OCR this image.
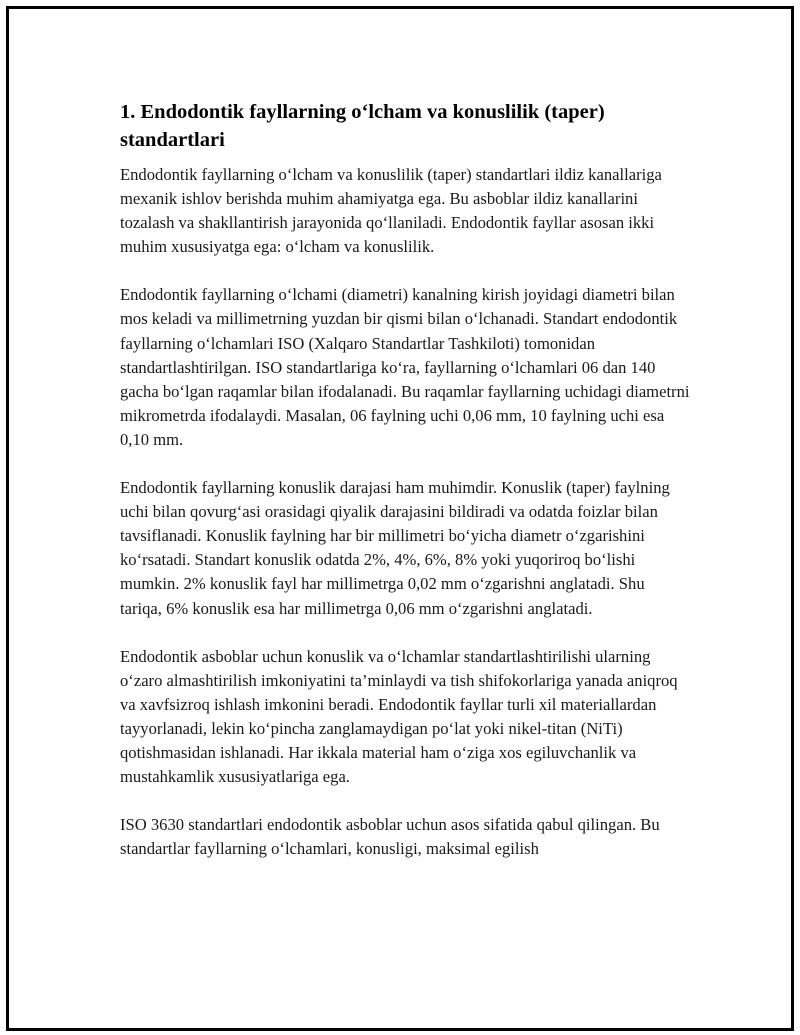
1. Endodontik fayllarning o‘lcham va konuslilik (taper) standartlari

Endodontik fayllarning o‘lcham va konuslilik (taper) standartlari ildiz kanallariga mexanik ishlov berishda muhim ahamiyatga ega. Bu asboblar ildiz kanallarini tozalash va shakllantirish jarayonida qo‘llaniladi. Endodontik fayllar asosan ikki muhim xususiyatga ega: o‘lcham va konuslilik.

Endodontik fayllarning o‘lchami (diametri) kanalning kirish joyidagi diametri bilan mos keladi va millimetrning yuzdan bir qismi bilan o‘lchanadi. Standart endodontik fayllarning o‘lchamlari ISO (Xalqaro Standartlar Tashkiloti) tomonidan standartlashtirilgan. ISO standartlariga ko‘ra, fayllarning o‘lchamlari 06 dan 140 gacha bo‘lgan raqamlar bilan ifodalanadi. Bu raqamlar fayllarning uchidagi diametrni mikrometrda ifodalaydi. Masalan, 06 faylning uchi 0,06 mm, 10 faylning uchi esa 0,10 mm.

Endodontik fayllarning konuslik darajasi ham muhimdir. Konuslik (taper) faylning uchi bilan qovurg‘asi orasidagi qiyalik darajasini bildiradi va odatda foizlar bilan tavsiflanadi. Konuslik faylning har bir millimetri bo‘yicha diametr o‘zgarishini ko‘rsatadi. Standart konuslik odatda 2%, 4%, 6%, 8% yoki yuqoriroq bo‘lishi mumkin. 2% konuslik fayl har millimetrga 0,02 mm o‘zgarishni anglatadi. Shu tariqa, 6% konuslik esa har millimetrga 0,06 mm o‘zgarishni anglatadi.

Endodontik asboblar uchun konuslik va o‘lchamlar standartlashtirilishi ularning o‘zaro almashtirilish imkoniyatini ta’minlaydi va tish shifokorlariga yanada aniqroq va xavfsizroq ishlash imkonini beradi. Endodontik fayllar turli xil materiallardan tayyorlanadi, lekin ko‘pincha zanglamaydigan po‘lat yoki nikel-titan (NiTi) qotishmasidan ishlanadi. Har ikkala material ham o‘ziga xos egiluvchanlik va mustahkamlik xususiyatlariga ega.

ISO 3630 standartlari endodontik asboblar uchun asos sifatida qabul qilingan. Bu standartlar fayllarning o‘lchamlari, konusligi, maksimal egilish
